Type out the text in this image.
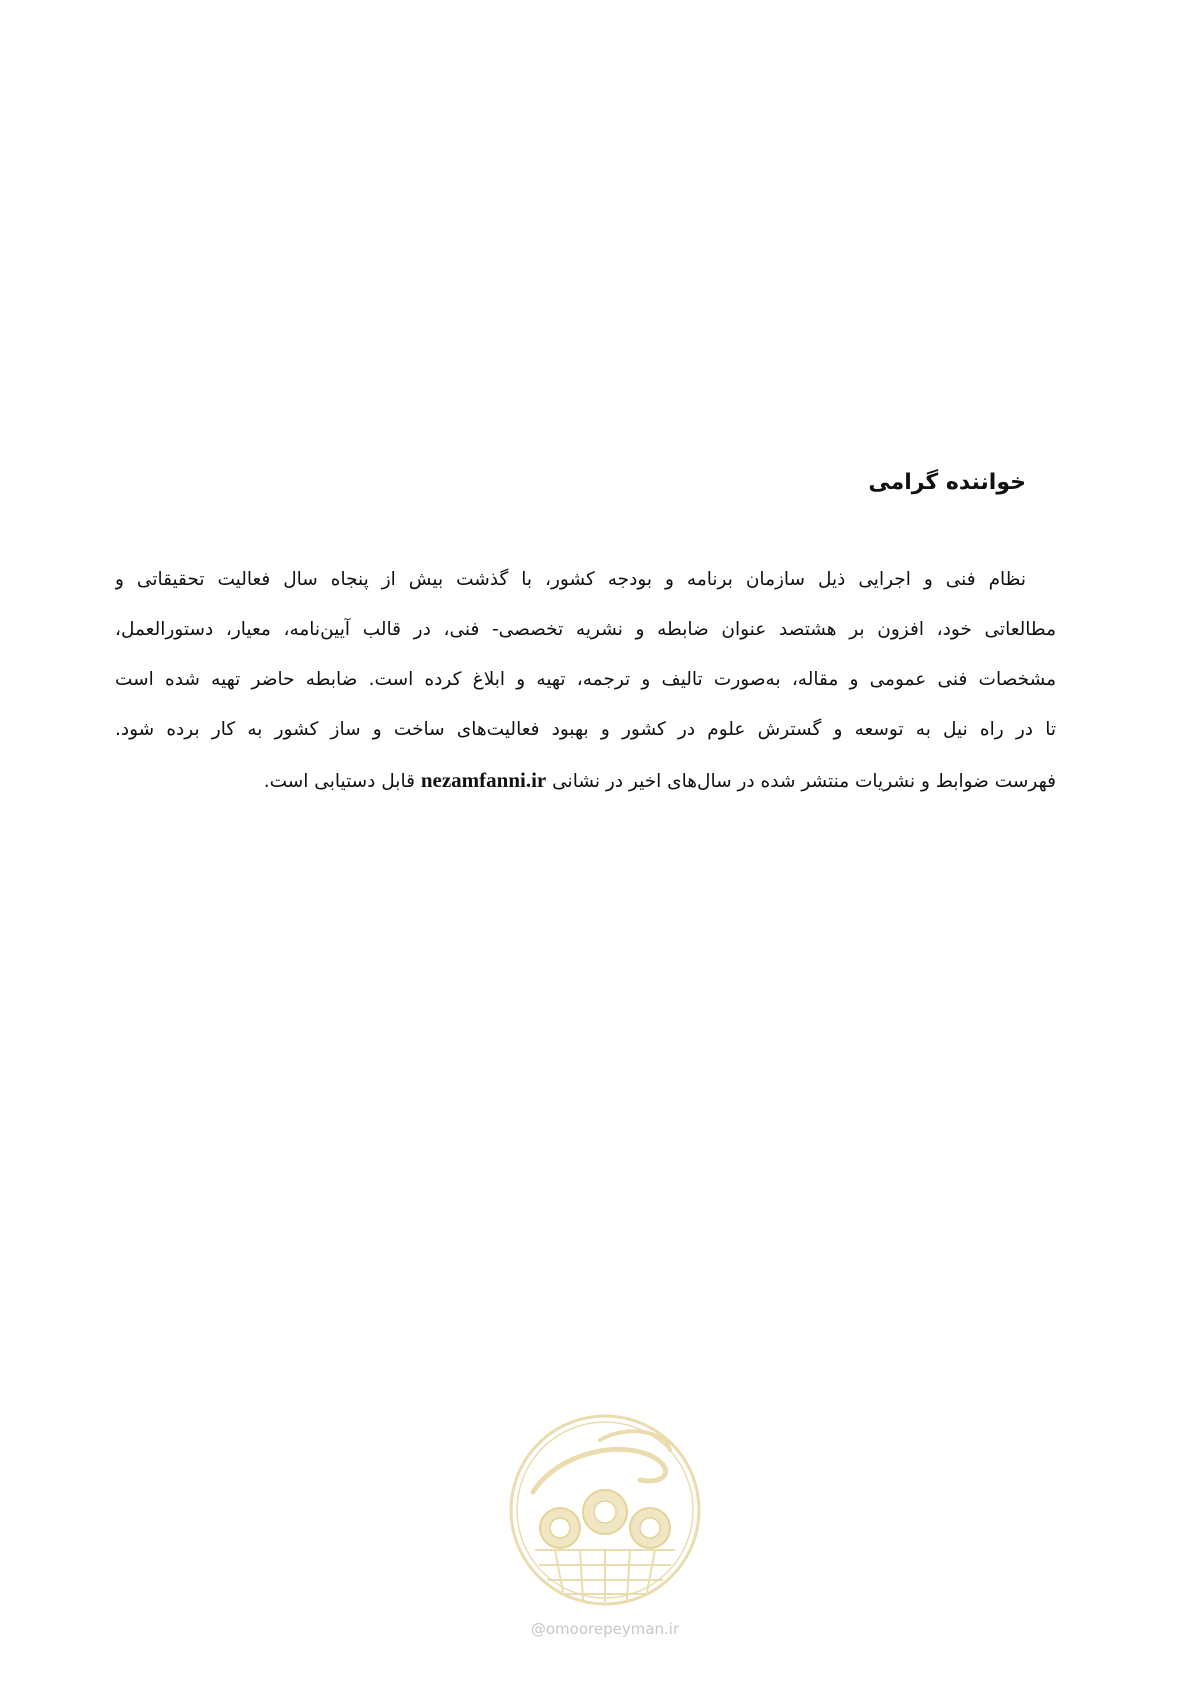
خواننده گرامی

نظام فنی و اجرایی ذیل سازمان برنامه و بودجه کشور، با گذشت بیش از پنجاه سال فعالیت تحقیقاتی و
مطالعاتی خود، افزون بر هشتصد عنوان ضابطه و نشریه تخصصی- فنی، در قالب آیین‌نامه، معیار، دستورالعمل،
مشخصات فنی عمومی و مقاله، به‌صورت تالیف و ترجمه، تهیه و ابلاغ کرده است. ضابطه حاضر تهیه شده است
تا در راه نیل به توسعه و گسترش علوم در کشور و بهبود فعالیت‌های ساخت و ساز کشور به کار برده شود.
فهرست ضوابط و نشریات منتشر شده در سال‌های اخیر در نشانی nezamfanni.ir قابل دستیابی است.

@omoorepeyman.ir
